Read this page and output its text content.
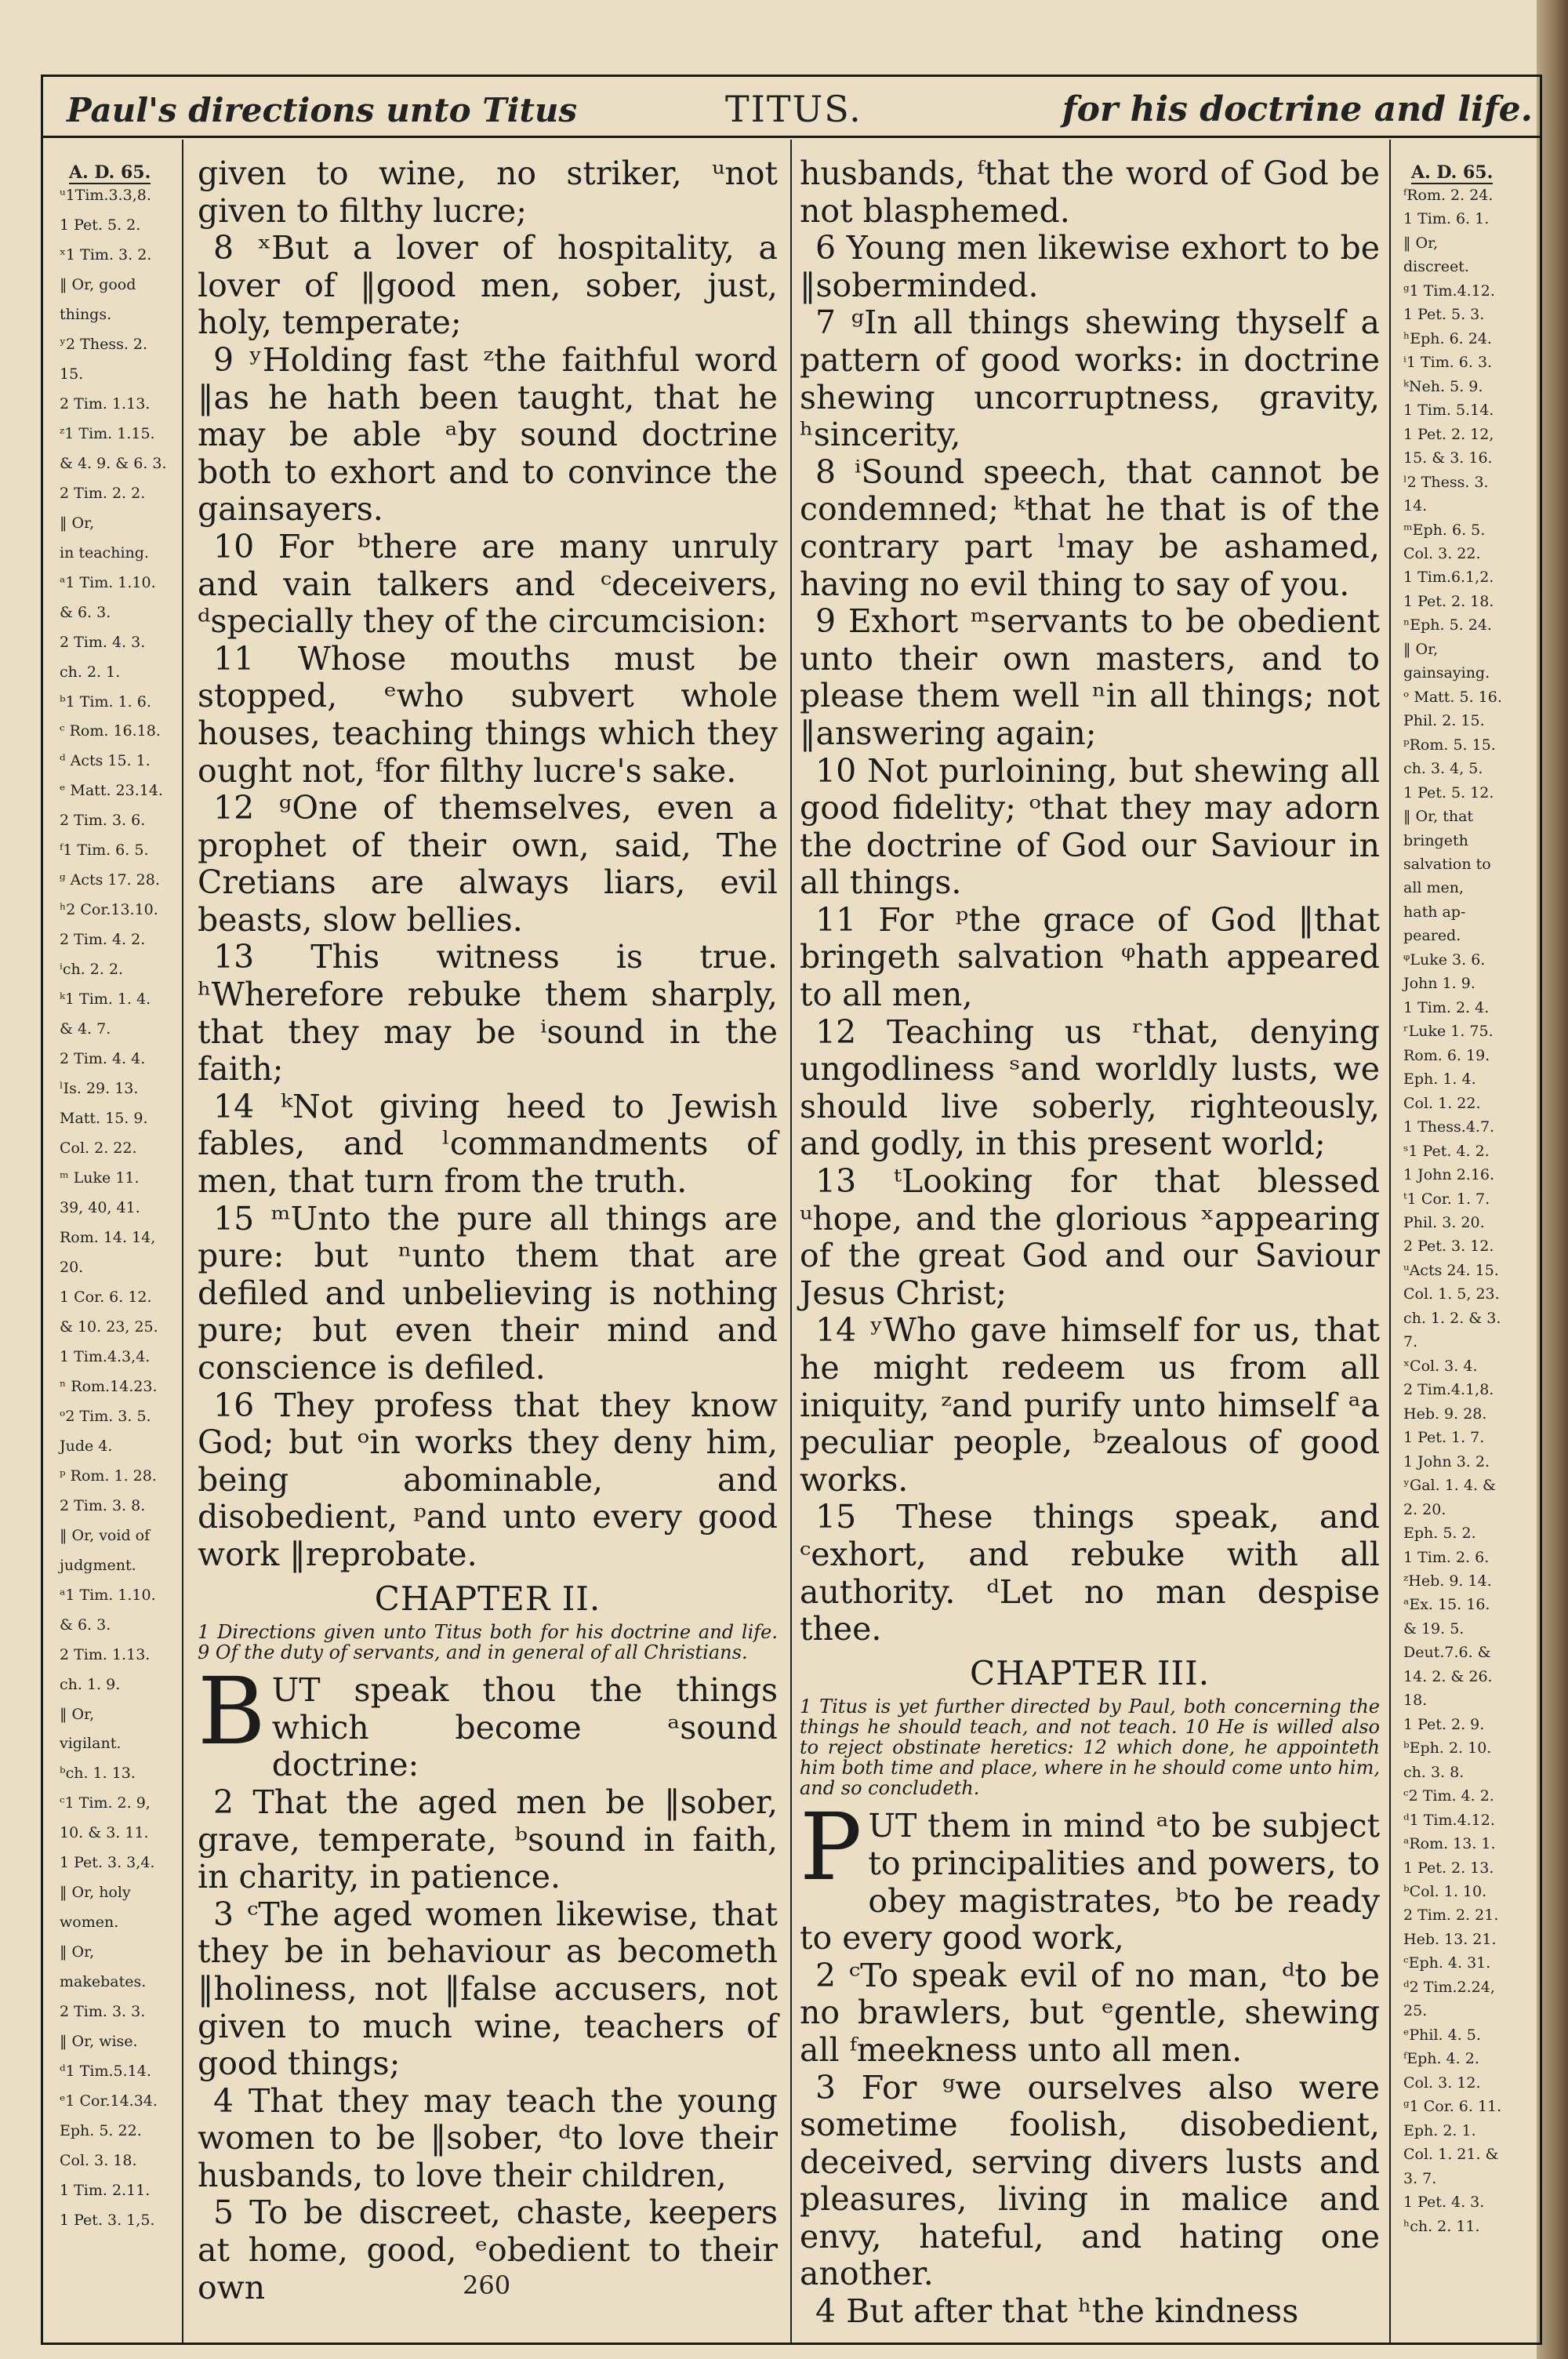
Paul's directions unto Titus	TITUS.	for his doctrine and life.
A. D. 65.
ᵘ1Tim.3.3,8.
1 Pet. 5. 2.
ˣ1 Tim. 3. 2.
‖ Or, good
things.
ʸ2 Thess. 2.
15.
2 Tim. 1.13.
ᶻ1 Tim. 1.15.
& 4. 9. & 6. 3.
2 Tim. 2. 2.
‖ Or,
in teaching.
ᵃ1 Tim. 1.10.
& 6. 3.
2 Tim. 4. 3.
ch. 2. 1.
ᵇ1 Tim. 1. 6.
ᶜ Rom. 16.18.
ᵈ Acts 15. 1.
ᵉ Matt. 23.14.
2 Tim. 3. 6.
ᶠ1 Tim. 6. 5.
ᵍ Acts 17. 28.
ʰ2 Cor.13.10.
2 Tim. 4. 2.
ⁱch. 2. 2.
ᵏ1 Tim. 1. 4.
& 4. 7.
2 Tim. 4. 4.
ˡIs. 29. 13.
Matt. 15. 9.
Col. 2. 22.
ᵐ Luke 11.
39, 40, 41.
Rom. 14. 14,
20.
1 Cor. 6. 12.
& 10. 23, 25.
1 Tim.4.3,4.
ⁿ Rom.14.23.
ᵒ2 Tim. 3. 5.
Jude 4.
ᵖ Rom. 1. 28.
2 Tim. 3. 8.
‖ Or, void of
judgment.
ᵃ1 Tim. 1.10.
& 6. 3.
2 Tim. 1.13.
ch. 1. 9.
‖ Or,
vigilant.
ᵇch. 1. 13.
ᶜ1 Tim. 2. 9,
10. & 3. 11.
1 Pet. 3. 3,4.
‖ Or, holy
women.
‖ Or,
makebates.
2 Tim. 3. 3.
‖ Or, wise.
ᵈ1 Tim.5.14.
ᵉ1 Cor.14.34.
Eph. 5. 22.
Col. 3. 18.
1 Tim. 2.11.
1 Pet. 3. 1,5.
A. D. 65.
ᶠRom. 2. 24.
1 Tim. 6. 1.
‖ Or,
discreet.
ᵍ1 Tim.4.12.
1 Pet. 5. 3.
ʰEph. 6. 24.
ⁱ1 Tim. 6. 3.
ᵏNeh. 5. 9.
1 Tim. 5.14.
1 Pet. 2. 12,
15. & 3. 16.
ˡ2 Thess. 3.
14.
ᵐEph. 6. 5.
Col. 3. 22.
1 Tim.6.1,2.
1 Pet. 2. 18.
ⁿEph. 5. 24.
‖ Or,
gainsaying.
ᵒ Matt. 5. 16.
Phil. 2. 15.
ᵖRom. 5. 15.
ch. 3. 4, 5.
1 Pet. 5. 12.
‖ Or, that
bringeth
salvation to
all men,
hath ap-
peared.
ᵠLuke 3. 6.
John 1. 9.
1 Tim. 2. 4.
ʳLuke 1. 75.
Rom. 6. 19.
Eph. 1. 4.
Col. 1. 22.
1 Thess.4.7.
ˢ1 Pet. 4. 2.
1 John 2.16.
ᵗ1 Cor. 1. 7.
Phil. 3. 20.
2 Pet. 3. 12.
ᵘActs 24. 15.
Col. 1. 5, 23.
ch. 1. 2. & 3.
7.
ˣCol. 3. 4.
2 Tim.4.1,8.
Heb. 9. 28.
1 Pet. 1. 7.
1 John 3. 2.
ʸGal. 1. 4. &
2. 20.
Eph. 5. 2.
1 Tim. 2. 6.
ᶻHeb. 9. 14.
ᵃEx. 15. 16.
& 19. 5.
Deut.7.6. &
14. 2. & 26.
18.
1 Pet. 2. 9.
ᵇEph. 2. 10.
ch. 3. 8.
ᶜ2 Tim. 4. 2.
ᵈ1 Tim.4.12.
ᵃRom. 13. 1.
1 Pet. 2. 13.
ᵇCol. 1. 10.
2 Tim. 2. 21.
Heb. 13. 21.
ᶜEph. 4. 31.
ᵈ2 Tim.2.24,
25.
ᵉPhil. 4. 5.
ᶠEph. 4. 2.
Col. 3. 12.
ᵍ1 Cor. 6. 11.
Eph. 2. 1.
Col. 1. 21. &
3. 7.
1 Pet. 4. 3.
ʰch. 2. 11.

given to wine, no striker, ᵘnot given to filthy lucre;

8 ˣBut a lover of hospitality, a lover of ‖good men, sober, just, holy, temperate;

9 ʸHolding fast ᶻthe faithful word ‖as he hath been taught, that he may be able ᵃby sound doctrine both to exhort and to convince the gainsayers.

10 For ᵇthere are many unruly and vain talkers and ᶜdeceivers, ᵈspecially they of the circumcision:

11 Whose mouths must be stopped, ᵉwho subvert whole houses, teaching things which they ought not, ᶠfor filthy lucre's sake.

12 ᵍOne of themselves, even a prophet of their own, said, The Cretians are always liars, evil beasts, slow bellies.

13 This witness is true. ʰWherefore rebuke them sharply, that they may be ⁱsound in the faith;

14 ᵏNot giving heed to Jewish fables, and ˡcommandments of men, that turn from the truth.

15 ᵐUnto the pure all things are pure: but ⁿunto them that are defiled and unbelieving is nothing pure; but even their mind and conscience is defiled.

16 They profess that they know God; but ᵒin works they deny him, being abominable, and disobedient, ᵖand unto every good work ‖reprobate.

CHAPTER II.
1 Directions given unto Titus both for his doctrine and life. 9 Of the duty of servants, and in general of all Christians.

BUT speak thou the things which become ᵃsound doctrine:

2 That the aged men be ‖sober, grave, temperate, ᵇsound in faith, in charity, in patience.

3 ᶜThe aged women likewise, that they be in behaviour as becometh ‖holiness, not ‖false accusers, not given to much wine, teachers of good things;

4 That they may teach the young women to be ‖sober, ᵈto love their husbands, to love their children,

5 To be discreet, chaste, keepers at home, good, ᵉobedient to their own

husbands, ᶠthat the word of God be not blasphemed.

6 Young men likewise exhort to be ‖soberminded.

7 ᵍIn all things shewing thyself a pattern of good works: in doctrine shewing uncorruptness, gravity, ʰsincerity,

8 ⁱSound speech, that cannot be condemned; ᵏthat he that is of the contrary part ˡmay be ashamed, having no evil thing to say of you.

9 Exhort ᵐservants to be obedient unto their own masters, and to please them well ⁿin all things; not ‖answering again;

10 Not purloining, but shewing all good fidelity; ᵒthat they may adorn the doctrine of God our Saviour in all things.

11 For ᵖthe grace of God ‖that bringeth salvation ᵠhath appeared to all men,

12 Teaching us ʳthat, denying ungodliness ˢand worldly lusts, we should live soberly, righteously, and godly, in this present world;

13 ᵗLooking for that blessed ᵘhope, and the glorious ˣappearing of the great God and our Saviour Jesus Christ;

14 ʸWho gave himself for us, that he might redeem us from all iniquity, ᶻand purify unto himself ᵃa peculiar people, ᵇzealous of good works.

15 These things speak, and ᶜexhort, and rebuke with all authority. ᵈLet no man despise thee.

CHAPTER III.
1 Titus is yet further directed by Paul, both concerning the things he should teach, and not teach. 10 He is willed also to reject obstinate heretics: 12 which done, he appointeth him both time and place, where in he should come unto him, and so concludeth.

PUT them in mind ᵃto be subject to principalities and powers, to obey magistrates, ᵇto be ready to every good work,

2 ᶜTo speak evil of no man, ᵈto be no brawlers, but ᵉgentle, shewing all ᶠmeekness unto all men.

3 For ᵍwe ourselves also were sometime foolish, disobedient, deceived, serving divers lusts and pleasures, living in malice and envy, hateful, and hating one another.

4 But after that ʰthe kindness

260
